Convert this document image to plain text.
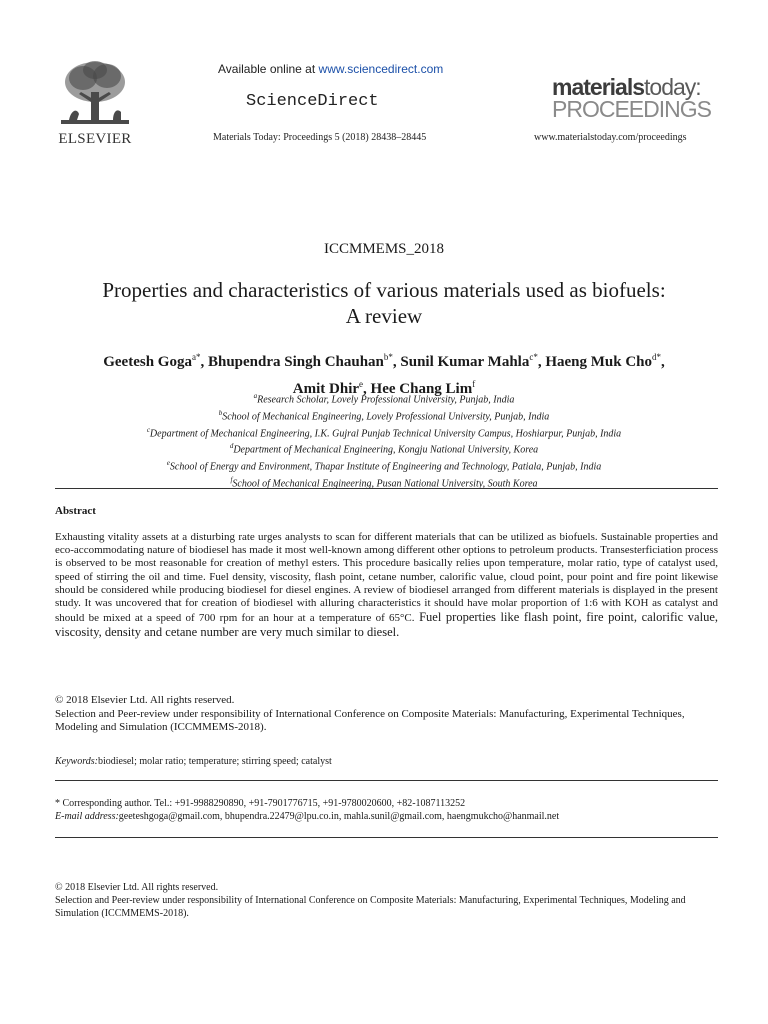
ELSEVIER
Available online at www.sciencedirect.com
ScienceDirect
Materials Today: Proceedings 5 (2018) 28438–28445
materialstoday:
PROCEEDINGS
www.materialstoday.com/proceedings
ICCMMEMS_2018
Properties and characteristics of various materials used as biofuels:
A review
Geetesh Goga$^{a*}$, Bhupendra Singh Chauhan$^{b*}$, Sunil Kumar Mahla$^{c*}$, Haeng Muk Cho$^{d*}$,
Amit Dhir$^e$, Hee Chang Lim$^f$
$^a$Research Scholar, Lovely Professional University, Punjab, India
$^b$School of Mechanical Engineering, Lovely Professional University, Punjab, India
$^c$Department of Mechanical Engineering, I.K. Gujral Punjab Technical University Campus, Hoshiarpur, Punjab, India
$^d$Department of Mechanical Engineering, Kongju National University, Korea
$^e$School of Energy and Environment, Thapar Institute of Engineering and Technology, Patiala, Punjab, India
$^f$School of Mechanical Engineering, Pusan National University, South Korea
Abstract
Exhausting vitality assets at a disturbing rate urges analysts to scan for different materials that can be utilized as biofuels. Sustainable properties and eco-accommodating nature of biodiesel has made it most well-known among different other options to petroleum products. Transesterficiation process is observed to be most reasonable for creation of methyl esters. This procedure basically relies upon temperature, molar ratio, type of catalyst used, speed of stirring the oil and time. Fuel density, viscosity, flash point, cetane number, calorific value, cloud point, pour point and fire point likewise should be considered while producing biodiesel for diesel engines. A review of biodiesel arranged from different materials is displayed in the present study. It was uncovered that for creation of biodiesel with alluring characteristics it should have molar proportion of 1:6 with KOH as catalyst and should be mixed at a speed of 700 rpm for an hour at a temperature of 65°C. Fuel properties like flash point, fire point, calorific value, viscosity, density and cetane number are very much similar to diesel.
© 2018 Elsevier Ltd. All rights reserved.
Selection and Peer-review under responsibility of International Conference on Composite Materials: Manufacturing, Experimental Techniques, Modeling and Simulation (ICCMMEMS-2018).
Keywords:biodiesel; molar ratio; temperature; stirring speed; catalyst
* Corresponding author. Tel.: +91-9988290890, +91-7901776715, +91-9780020600, +82-1087113252
E-mail address:geeteshgoga@gmail.com, bhupendra.22479@lpu.co.in, mahla.sunil@gmail.com, haengmukcho@hanmail.net
© 2018 Elsevier Ltd. All rights reserved.
Selection and Peer-review under responsibility of International Conference on Composite Materials: Manufacturing, Experimental Techniques, Modeling and Simulation (ICCMMEMS-2018).
